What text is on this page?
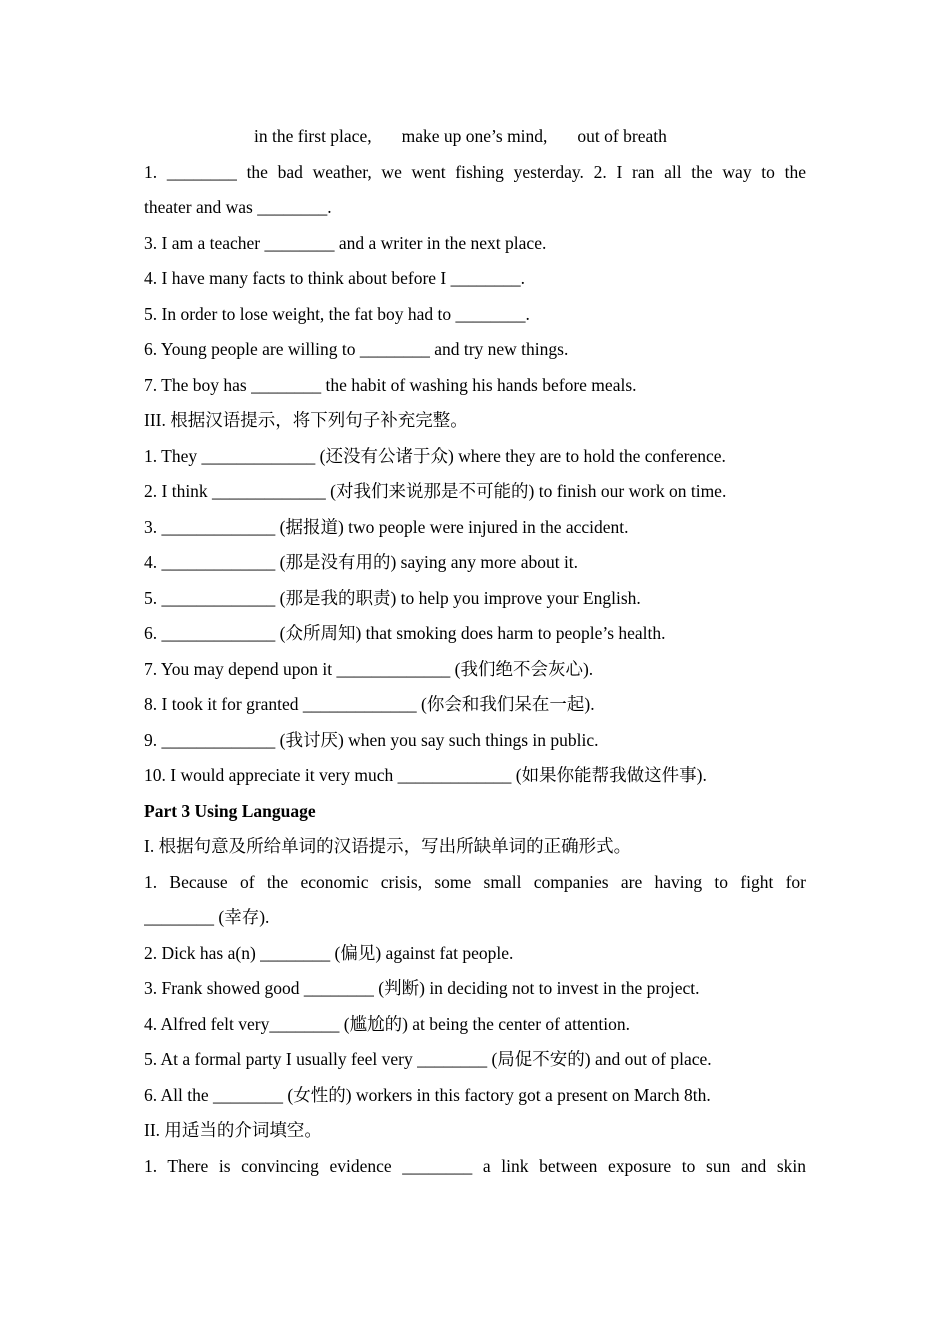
in the first place, make up one’s mind, out of breath
1. ________ the bad weather, we went fishing yesterday. 2. I ran all the way to the
theater and was ________.
3. I am a teacher ________ and a writer in the next place.
4. I have many facts to think about before I ________.
5. In order to lose weight, the fat boy had to ________.
6. Young people are willing to ________ and try new things.
7. The boy has ________ the habit of washing his hands before meals.
III. 根据汉语提示，将下列句子补充完整。
1. They _____________ (还没有公诸于众) where they are to hold the conference.
2. I think _____________ (对我们来说那是不可能的) to finish our work on time.
3. _____________ (据报道) two people were injured in the accident.
4. _____________ (那是没有用的) saying any more about it.
5. _____________ (那是我的职责) to help you improve your English.
6. _____________ (众所周知) that smoking does harm to people’s health.
7. You may depend upon it _____________ (我们绝不会灰心).
8. I took it for granted _____________ (你会和我们呆在一起).
9. _____________ (我讨厌) when you say such things in public.
10. I would appreciate it very much _____________ (如果你能帮我做这件事).
Part 3 Using Language
I. 根据句意及所给单词的汉语提示，写出所缺单词的正确形式。
1. Because of the economic crisis, some small companies are having to fight for
________ (幸存).
2. Dick has a(n) ________ (偏见) against fat people.
3. Frank showed good ________ (判断) in deciding not to invest in the project.
4. Alfred felt very________ (尴尬的) at being the center of attention.
5. At a formal party I usually feel very ________ (局促不安的) and out of place.
6. All the ________ (女性的) workers in this factory got a present on March 8th.
II. 用适当的介词填空。
1. There is convincing evidence ________ a link between exposure to sun and skin
